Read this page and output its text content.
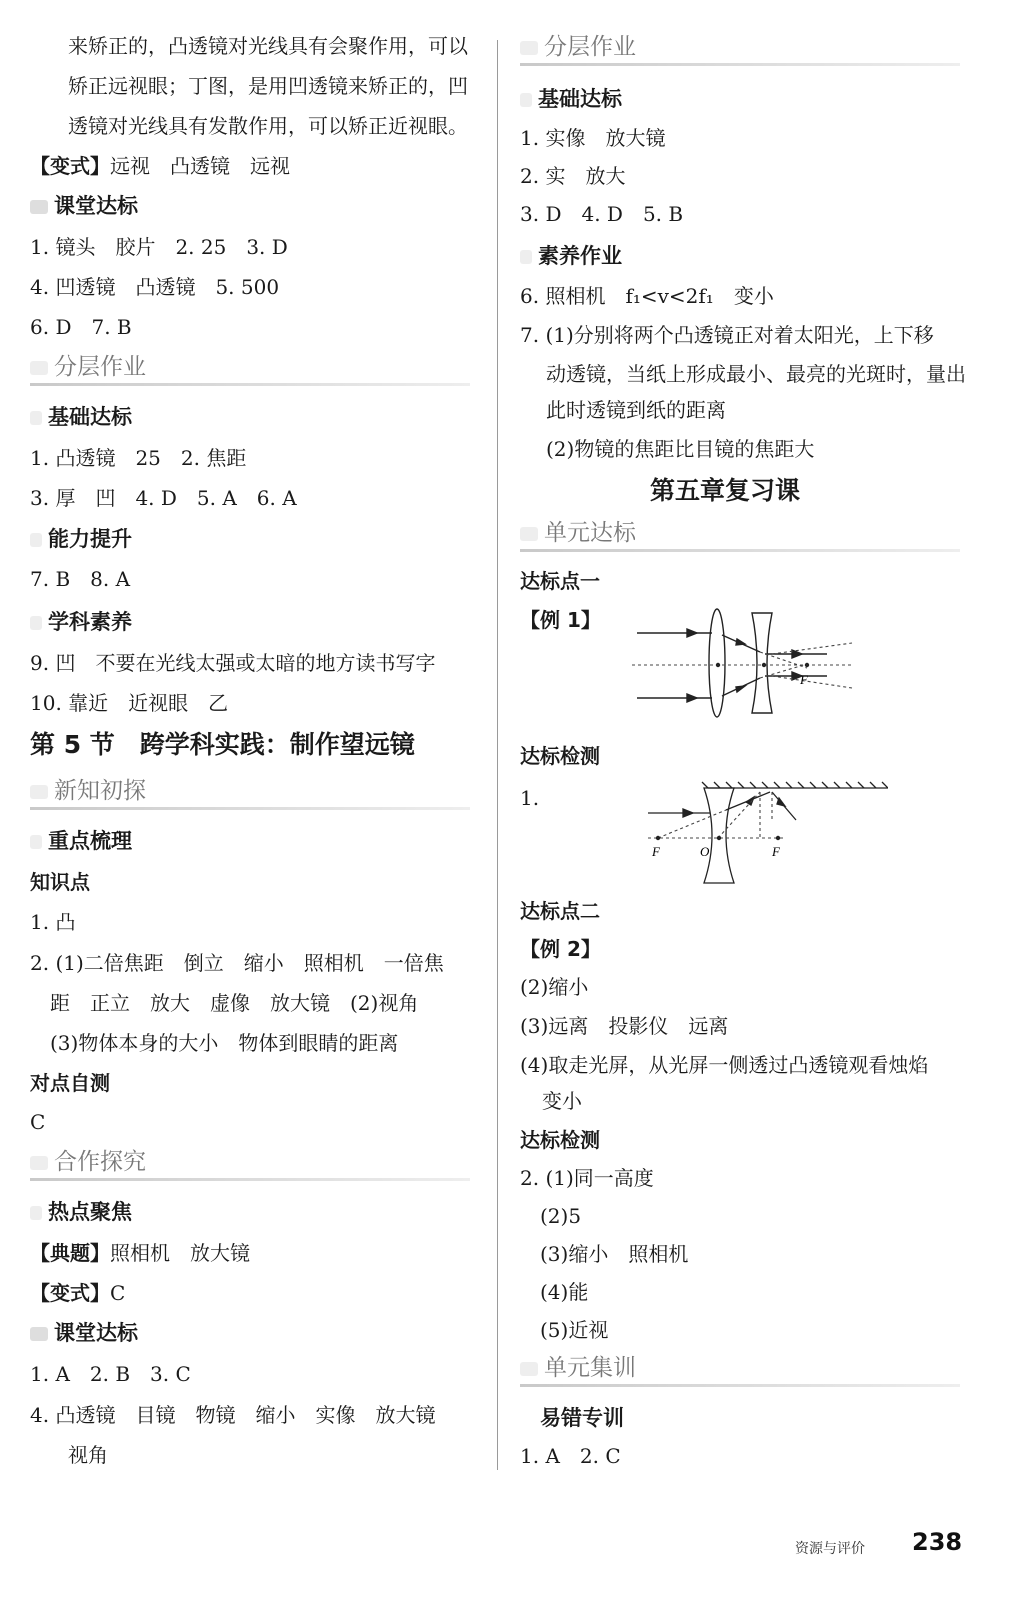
来矫正的，凸透镜对光线具有会聚作用，可以
矫正远视眼；丁图，是用凹透镜来矫正的，凹
透镜对光线具有发散作用，可以矫正近视眼。
【变式】远视　凸透镜　远视
课堂达标
1. 镜头　胶片　2. 25　3. D
4. 凹透镜　凸透镜　5. 500
6. D　7. B
分层作业
基础达标
1. 凸透镜　25　2. 焦距
3. 厚　凹　4. D　5. A　6. A
能力提升
7. B　8. A
学科素养
9. 凹　不要在光线太强或太暗的地方读书写字
10. 靠近　近视眼　乙
第 5 节　跨学科实践：制作望远镜
新知初探
重点梳理
知识点
1. 凸
2. (1)二倍焦距　倒立　缩小　照相机　一倍焦
距　正立　放大　虚像　放大镜　(2)视角
(3)物体本身的大小　物体到眼睛的距离
对点自测
C
合作探究
热点聚焦
【典题】照相机　放大镜
【变式】C
课堂达标
1. A　2. B　3. C
4. 凸透镜　目镜　物镜　缩小　实像　放大镜
视角
分层作业
基础达标
1. 实像　放大镜
2. 实　放大
3. D　4. D　5. B
素养作业
6. 照相机　f₁<v<2f₁　变小
7. (1)分别将两个凸透镜正对着太阳光，上下移
动透镜，当纸上形成最小、最亮的光斑时，量出
此时透镜到纸的距离
(2)物镜的焦距比目镜的焦距大
第五章复习课
单元达标
达标点一
【例 1】
F
达标检测
1.
F	O	F
达标点二
【例 2】
(2)缩小
(3)远离　投影仪　远离
(4)取走光屏，从光屏一侧透过凸透镜观看烛焰
变小
达标检测
2. (1)同一高度
(2)5
(3)缩小　照相机
(4)能
(5)近视
单元集训
易错专训
1. A　2. C
资源与评价 238
